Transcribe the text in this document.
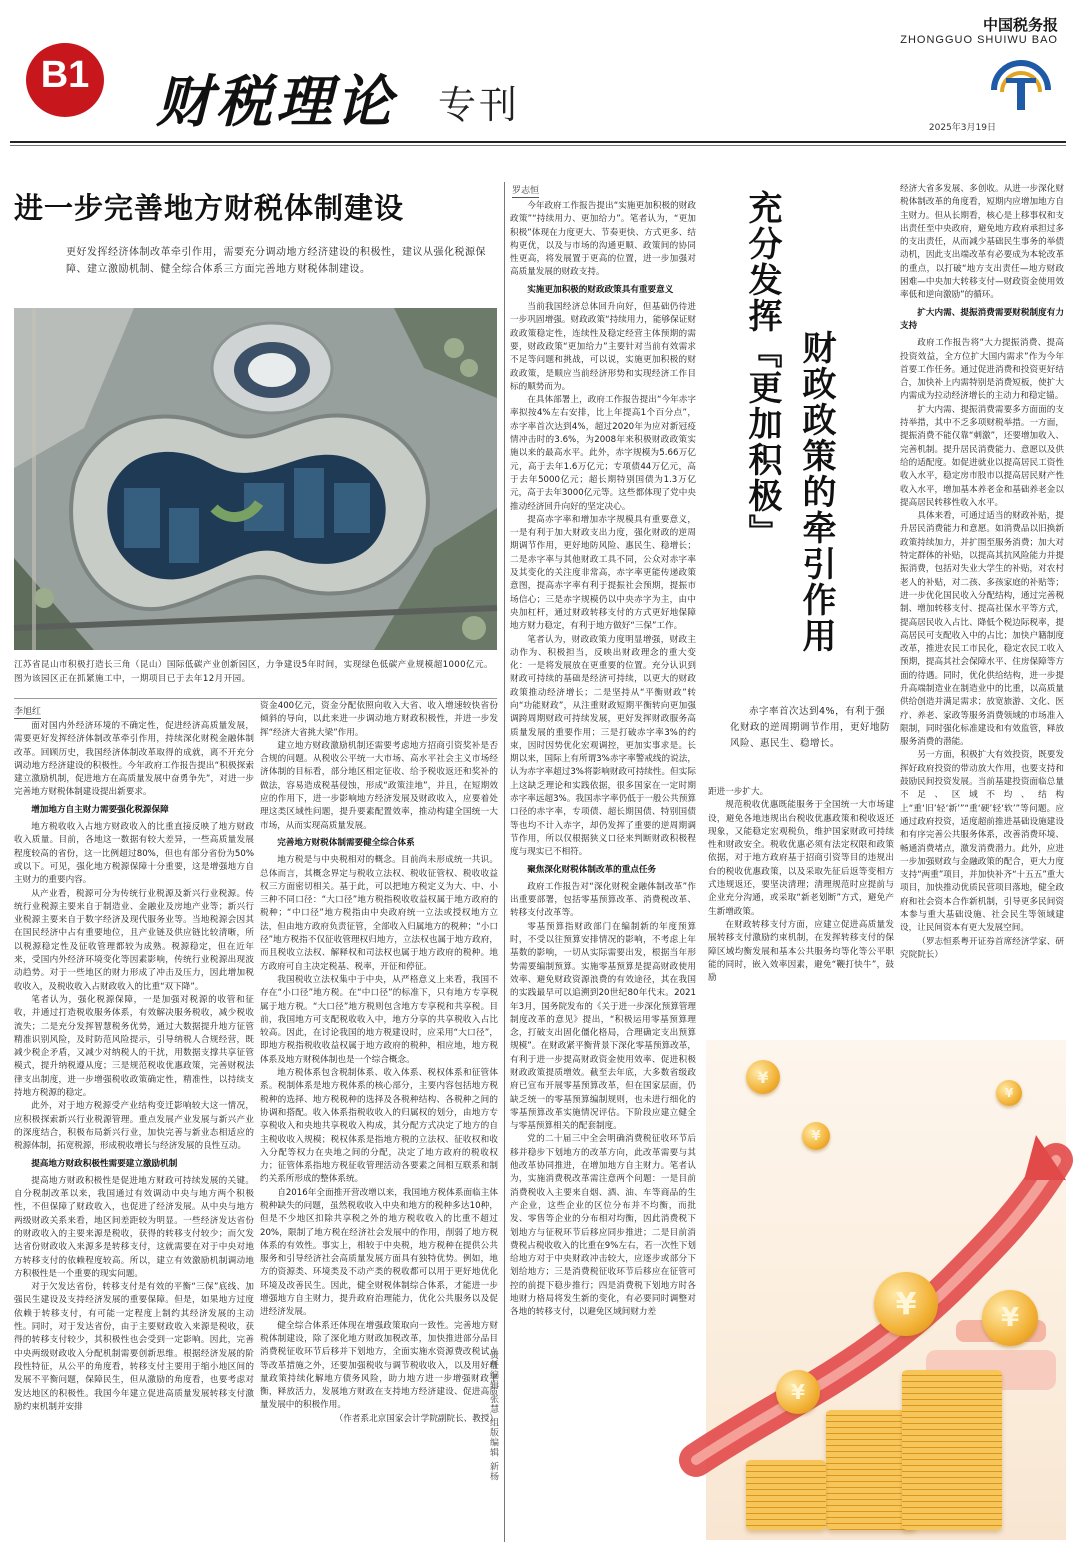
B1 财税理论 专刊
中国税务报
ZHONGGUO SHUIWU BAO
2025年3月19日
进一步完善地方财税体制建设
更好发挥经济体制改革牵引作用，需要充分调动地方经济建设的积极性，建议从强化税源保障、建立激励机制、健全综合体系三方面完善地方财税体制建设。
江苏省昆山市积极打造长三角（昆山）国际低碳产业创新园区，力争建设5年时间，实现绿色低碳产业规模超1000亿元。图为该园区正在抓紧施工中，一期项目已于去年12月开园。
李旭红

面对国内外经济环境的不确定性，促进经济高质量发展，需要更好发挥经济体制改革牵引作用，持续深化财税金融体制改革。回顾历史，我国经济体制改革取得的成就，离不开充分调动地方经济建设的积极性。今年政府工作报告提出“积极探索建立激励机制，促进地方在高质量发展中奋勇争先”，对进一步完善地方财税体制建设提出新要求。

增加地方自主财力需要强化税源保障

地方税收收入占地方财政收入的比重直接反映了地方财政收入质量。目前，各地这一数据有较大差异，一些高质量发展程度较高的省份，这一比例超过80%，但也有部分省份为50%或以下。可见，强化地方税源保障十分重要，这是增强地方自主财力的重要内容。

从产业看，税源可分为传统行业税源及新兴行业税源。传统行业税源主要来自于制造业、金融业及房地产业等；新兴行业税源主要来自于数字经济及现代服务业等。当地税源会因其在国民经济中占有重要地位，且产业链及供应链比较清晰，所以税源稳定性及征收管理都较为成熟。税源稳定，但在近年来，受国内外经济环境变化等因素影响，传统行业税源出现波动趋势。对于一些地区的财力形成了冲击及压力，因此增加税收收入，及税收收入占财政收入的比重“双下降”。

笔者认为，强化税源保障，一是加强对税源的收管和征收，并通过打造税收服务体系，有效解决服务税收，减少税收流失；二是充分发挥智慧税务优势，通过大数据提升地方征管精准识别风险，及时防范风险提示，引导纳税人合规经营，既减少税企矛盾，又减少对纳税人的干扰，用数据支撑共享征管模式，提升纳税遵从度；三是规范税收优惠政策，完善财税法律支出制度，进一步增强税收政策确定性，精准性，以持续支持地方税源的稳定。

此外，对于地方税源受产业结构变迁影响较大这一情况，应积极探索新兴行业税源管理。重点发展产业发展与新兴产业的深度结合，积极布局新兴行业，加快完善与新业态相适应的税源体制，拓宽税源，形成税收增长与经济发展的良性互动。

提高地方财政积极性需要建立激励机制

提高地方财政积极性是促进地方财政可持续发展的关键。自分税制改革以来，我国通过有效调动中央与地方两个积极性，不但保障了财政收入，也促进了经济发展。从中央与地方两级财政关系来看，地区间差距较为明显。一些经济发达省份的财政收入的主要来源是税收，获得的转移支付较少；而欠发达省份财政收入来源多是转移支付，这就需要在对于中央对地方转移支付的依赖程度较高。所以，建立有效激励机制调动地方积极性是一个重要的现实问题。

对于欠发达省份，转移支付是有效的平衡“三保”底线、加强民生建设及支持经济发展的重要保障。但是，如果地方过度依赖于转移支付，有可能一定程度上制约其经济发展的主动性。同时，对于发达省份，由于主要财政收入来源是税收，获得的转移支付较少，其积极性也会受到一定影响。因此，完善中央两级财政收入分配机制需要创新思维。根据经济发展的阶段性特征，从公平的角度看，转移支付主要用于缩小地区间的发展不平衡问题，保障民生，但从激励的角度看，也要考虑对发达地区的积极性。我国今年建立促进高质量发展转移支付激励约束机制并安排

资金400亿元，资金分配依照向收入大省、收入增速较快省份倾斜的导向，以此来进一步调动地方财政积极性，并进一步发挥“经济大省挑大梁”作用。

建立地方财政激励机制还需要考虑地方招商引资奖补是否合规的问题。从税收公平统一大市场、高水平社会主义市场经济体制的目标看，部分地区相定征收、给予税收返还和奖补的做法，容易造成税基侵蚀，形成“政策洼地”，并且，在短期效应的作用下，进一步影响地方经济发展及财政收入，应要着处理这类区域性问题，提升要素配置效率，推动构建全国统一大市场，从而实现高质量发展。

完善地方财税体制需要健全综合体系

地方税是与中央税相对的概念。目前尚未形成统一共识。总体而言，其概念界定与税收立法权、税收征管权、税收收益权三方面密切相关。基于此，可以把地方税定义为大、中、小三种不同口径：“大口径”地方税指税收收益权属于地方政府的税种；“中口径”地方税指由中央政府统一立法或授权地方立法，但由地方政府负责征管，全部收入归属地方的税种；“小口径”地方税指不仅征收管理权归地方，立法权也属于地方政府，而且税收立法权、解释权和司法权也属于地方政府的税种。地方政府可自主决定税基、税率，开征和停征。

我国税收立法权集中于中央，从严格意义上来看，我国不存在“小口径”地方税。在“中口径”的标准下，只有地方专享税属于地方税。“大口径”地方税则包含地方专享税和共享税。目前，我国地方可支配税收收入中，地方分享的共享税收入占比较高。因此，在讨论我国的地方税建设时，应采用“大口径”，即地方税指税收收益权属于地方政府的税种，相应地，地方税体系及地方财税体制也是一个综合概念。

地方税体系包含税制体系、收入体系、税权体系和征管体系。税制体系是地方税体系的核心部分，主要内容包括地方税税种的选择、地方税税种的选择及各税种结构、各税种之间的协调和搭配。收入体系指税收收入的归属权的划分，由地方专享税收入和央地共享税收入构成，其分配方式决定了地方的自主税收收入规模；税权体系是指地方税的立法权、征收权和收入分配等权力在央地之间的分配，决定了地方政府的税收权力；征管体系指地方税征收管理活动各要素之间相互联系和制约关系所形成的整体系统。

自2016年全面推开营改增以来，我国地方税体系面临主体税种缺失的问题，虽然税收收入中央和地方的税种多达10种，但是不少地区扣除共享税之外的地方税收收入的比重不超过20%，限制了地方税在经济社会发展中的作用，削弱了地方税体系的有效性。事实上，相较于中央税，地方税种在提供公共服务和引导经济社会高质量发展方面具有独特优势。例如，地方的资源类、环境类及不动产类的税收都可以用于更好地优化环境及改善民生。因此，健全财税体制综合体系，才能进一步增强地方自主财力，提升政府治理能力，优化公共服务以及促进经济发展。

健全综合体系还体现在增强政策取向一致性。完善地方财税体制建设，除了深化地方财政加税改革，加快推进部分品目消费税征收环节后移并下划地方，全面实施水资源费改税试点等改革措施之外，还要加强税收与调节税收收入，以及用好增量政策持续化解地方债务风险，助力地方进一步增强财政平衡，释放活力，发展地方财政在支持地方经济建设、促进高质量发展中的积极作用。

（作者系北京国家会计学院副院长、教授）

责任编辑 张慧 组版编辑 新杨
罗志恒

今年政府工作报告提出“实施更加积极的财政政策”“持续用力、更加给力”。笔者认为，“更加积极”体现在力度更大、节奏更快、方式更多、结构更优，以及与市场的沟通更顺、政策间的协同性更高，将发展置于更高的位置，进一步加强对高质量发展的财政支持。

实施更加积极的财政政策具有重要意义

当前我国经济总体回升向好，但基础仍待进一步巩固增强。财政政策“持续用力，能够保证财政政策稳定性，连续性及稳定经营主体预期的需要，财政政策“更加给力”主要针对当前有效需求不足等问题和挑战，可以说，实施更加积极的财政政策，是顺应当前经济形势和实现经济工作目标的顺势而为。

在具体部署上，政府工作报告提出“今年赤字率拟按4%左右安排，比上年提高1个百分点”，赤字率首次达到4%，超过2020年为应对新冠疫情冲击时的3.6%，为2008年来积极财政政策实施以来的最高水平。此外，赤字规模为5.66万亿元，高于去年1.6万亿元；专项债44万亿元，高于去年5000亿元；超长期特别国债为1.3万亿元，高于去年3000亿元等。这些都体现了党中央推动经济回升向好的坚定决心。

提高赤字率和增加赤字规模具有重要意义，一是有利于加大财政支出力度，强化财政的逆周期调节作用，更好地防风险、惠民生、稳增长；二是赤字率与其他财政工具不同，公众对赤字率及其变化的关注度非常高，赤字率更能传递政策意图，提高赤字率有利于提振社会预期，提振市场信心；三是赤字规模仍以中央赤字为主，由中央加杠杆，通过财政转移支付的方式更好地保障地方财力稳定，有利于地方做好“三保”工作。

笔者认为，财政政策力度明显增强，财政主动作为、积极担当，反映出财政理念的重大变化：一是将发展放在更重要的位置。充分认识到财政可持续的基础是经济可持续，以更大的财政政策推动经济增长；二是坚持从“平衡财政”转向“功能财政”，从注重财政短期平衡转向更加强调跨周期财政可持续发展，更好发挥财政服务高质量发展的重要作用；三是打破赤字率3%的约束，因时因势优化宏观调控，更加实事求是。长期以来，国际上有所谓3%赤字率警戒线的说法，认为赤字率超过3%将影响财政可持续性。但实际上这缺乏理论和实践依据，很多国家在一定时期赤字率远超3%。我国赤字率仍低于一般公共预算口径的赤字率，专项债、超长期国债、特别国债等也均不计入赤字，却仍发挥了重要的逆周期调节作用，所以仅根据狭义口径来判断财政积极程度与现实已不相符。

聚焦深化财税体制改革的重点任务

政府工作报告对“深化财税金融体制改革”作出重要部署，包括零基预算改革、消费税改革、转移支付改革等。

零基预算指财政部门在编制新的年度预算时，不受以往预算安排情况的影响，不考虑上年基数的影响，一切从实际需要出发，根据当年形势需要编制预算。实施零基预算是提高财政使用效率、避免财政资源浪费的有效途径，其在我国的实践最早可以追溯到20世纪80年代末。2021年3月，国务院发布的《关于进一步深化预算管理制度改革的意见》提出，“积极运用零基预算理念，打破支出固化僵化格局，合理确定支出预算规模”。在财政紧平衡背景下深化零基预算改革，有利于进一步提高财政资金使用效率、促进积极财政政策提质增效。截至去年底，大多数省级政府已宣布开展零基预算改革，但在国家层面，仍缺乏统一的零基预算编制规则，也未进行细化的零基预算改革实施情况评估。下阶段应建立健全与零基预算相关的配套制度。

党的二十届三中全会明确消费税征收环节后移并稳步下划地方的改革方向，此改革需要与其他改革协同推进，在增加地方自主财力。笔者认为，实施消费税改革需注意两个问题：一是目前消费税收入主要来自烟、酒、油、车等商品的生产企业，这些企业的区位分布并不均衡，而批发、零售等企业的分布相对均衡，因此消费税下划地方与征税环节后移应同步推进；二是目前消费税占税收收入的比重在9%左右，若一次性下划给地方对于中央财政冲击较大，应逐步或部分下划给地方；三是消费税征收环节后移应在征管可控的前提下稳步推行；四是消费税下划地方时各地财力格局将发生新的变化，有必要同时调整对各地的转移支付，以避免区域间财力差

充分发挥『更加积极』 财政政策的牵引作用
赤字率首次达到4%，有利于强化财政的逆周期调节作用，更好地防风险、惠民生、稳增长。

距进一步扩大。

规范税收优惠既能服务于全国统一大市场建设，避免各地违规出台税收优惠政策和税收返还现象，又能稳定宏观税负，维护国家财政可持续性和财政安全。税收优惠必须有法定权限和政策依据，对于地方政府基于招商引资等目的违规出台的税收优惠政策，以及采取先征后返等变相方式违规返还，要坚决清理；清理规范时应提前与企业充分沟通，或采取“新老划断”方式，避免产生新增政策。

在财政转移支付方面，应建立促进高质量发展转移支付激励约束机制，在发挥转移支付的保障区域均衡发展和基本公共服务均等化等公平职能的同时，嵌入效率因素，避免“鞭打快牛”，鼓励

经济大省多发展、多创收。从进一步深化财税体制改革的角度看，短期内应增加地方自主财力。但从长期看，核心是上移事权和支出责任至中央政府，避免地方政府承担过多的支出责任，从而减少基础民生事务的举债动机，因此支出端改革有必要成为本轮改革的重点，以打破“地方支出责任—地方财政困难—中央加大转移支付—财政资金使用效率低和逆向激励”的循环。

扩大内需、提振消费需要财税制度有力支持

政府工作报告将“大力提振消费、提高投资效益，全方位扩大国内需求”作为今年首要工作任务。通过促进消费和投资更好结合，加快补上内需特别是消费短板，使扩大内需成为拉动经济增长的主动力和稳定锚。

扩大内需、提振消费需要多方面面的支持举措，其中不乏多项财税举措。一方面，提振消费不能仅靠“刺激”，还要增加收入、完善机制。提升居民消费能力、意愿以及供给的适配度。如促进就业以提高居民工资性收入水平，稳定房市股市以提高居民财产性收入水平，增加基本养老金和基础养老金以提高居民转移性收入水平。

具体来看，可通过适当的财政补贴，提升居民消费能力和意愿。如消费品以旧换新政策持续加力，并扩围至服务消费；加大对特定群体的补贴，以提高其抗风险能力并提振消费，包括对失业大学生的补贴，对农村老人的补贴，对二孩、多孩家庭的补贴等；进一步优化国民收入分配结构，通过完善税制、增加转移支付、提高社保水平等方式，提高居民收入占比、降低个税边际税率，提高居民可支配收入中的占比；加快户籍制度改革，推进农民工市民化，稳定农民工收入预期，提高其社会保障水平、住房保障等方面的待遇。同时，优化供给结构，进一步提升高端制造业在制造业中的比重，以高质量供给创造并满足需求；放宽旅游、文化、医疗、养老、家政等服务消费领域的市场准入限制，同时强化标准建设和有效监管，释放服务消费的潜能。

另一方面，积极扩大有效投资，既要发挥好政府投资的带动放大作用，也要支持和鼓励民间投资发展。当前基建投资面临总量不足、区域不均、结构上“重‘旧’轻‘新’”“重‘硬’轻‘软’”等问题。应通过政府投资，适度超前推进基础设施建设和有序完善公共服务体系，改善消费环境、畅通消费堵点，激发消费潜力。此外，应进一步加强财政与金融政策的配合，更大力度支持“两重”项目，并加快补齐“十五五”重大项目，加快推动优质民营项目落地，健全政府和社会资本合作新机制，引导更多民间资本参与重大基础设施、社会民生等领域建设，让民间资本有更大发展空间。

（罗志恒系粤开证券首席经济学家、研究院院长）

¥
¥
¥
¥	¥
¥
